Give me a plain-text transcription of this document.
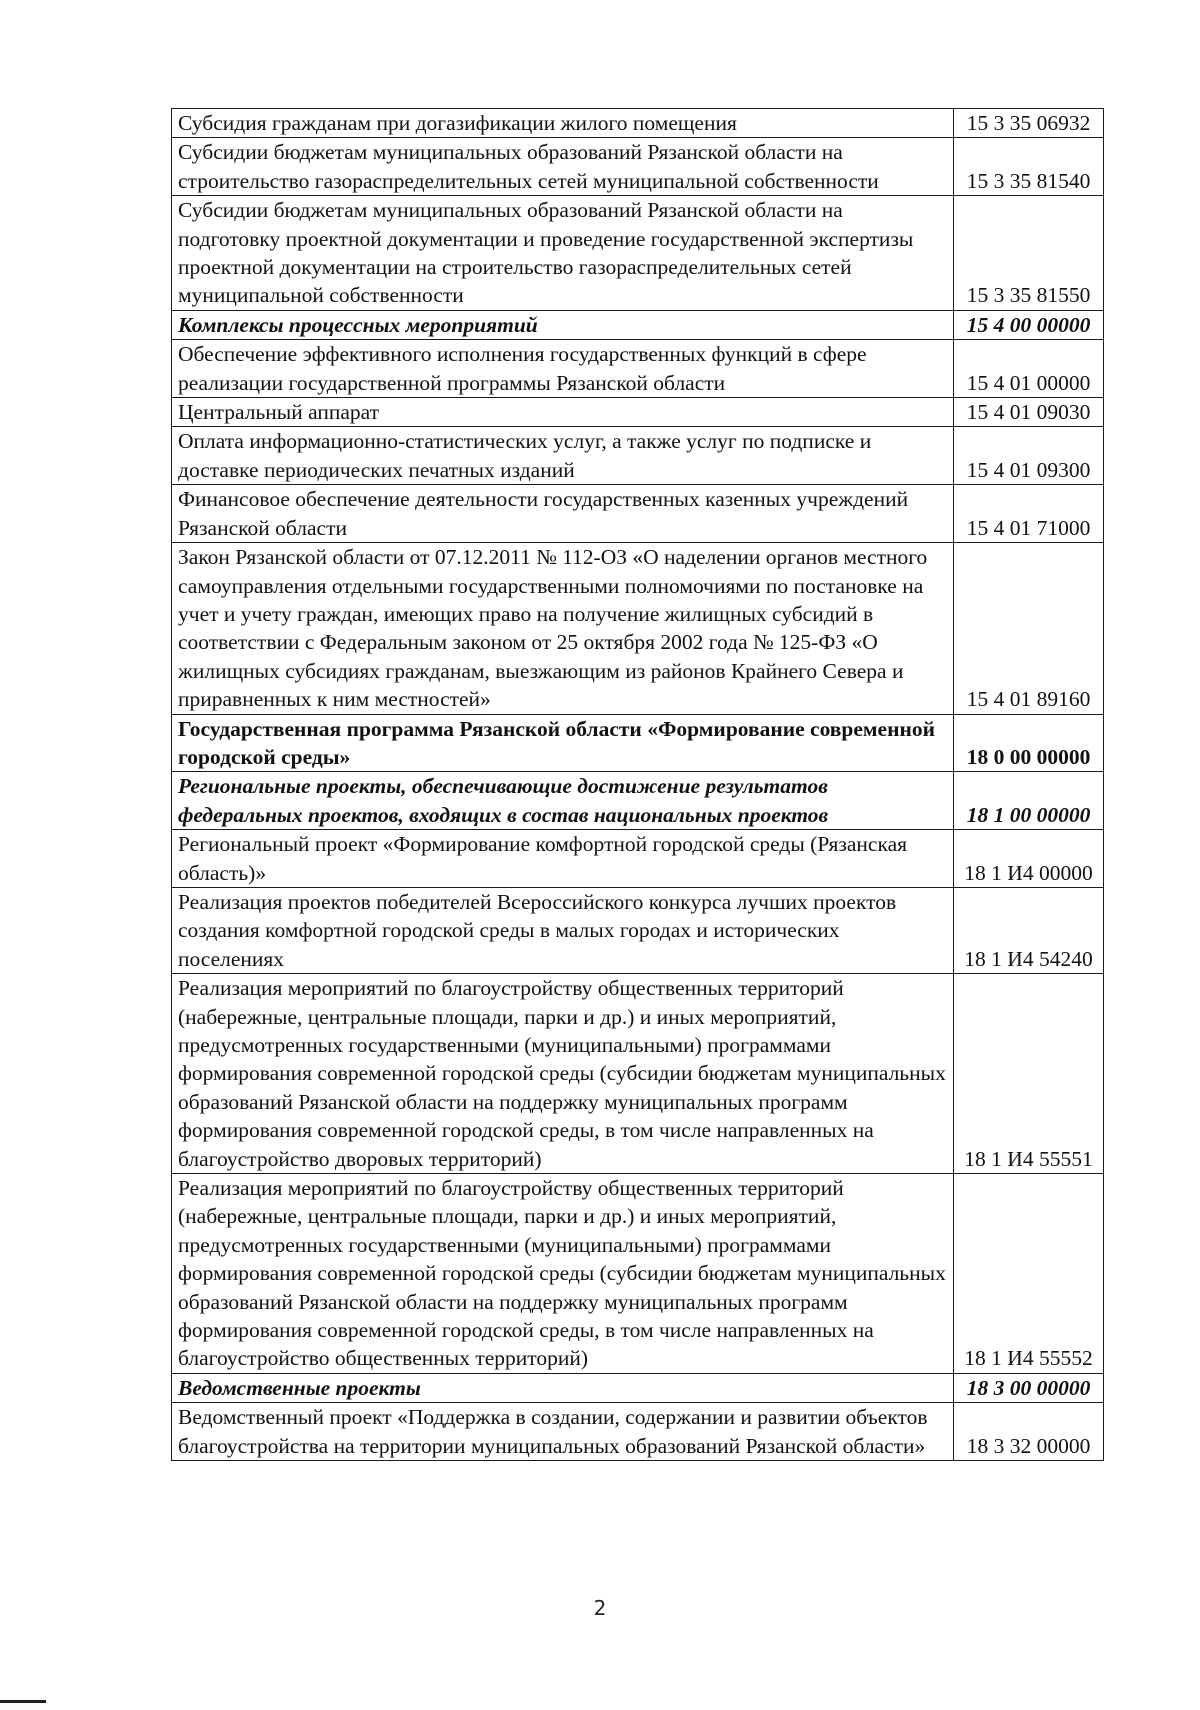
Субсидия гражданам при догазификации жилого помещения	15 3 35 06932
Субсидии бюджетам муниципальных образований Рязанской области на строительство газораспределительных сетей муниципальной собственности	15 3 35 81540
Субсидии бюджетам муниципальных образований Рязанской области на подготовку проектной документации и проведение государственной экспертизы проектной документации на строительство газораспределительных сетей муниципальной собственности	15 3 35 81550
Комплексы процессных мероприятий	15 4 00 00000
Обеспечение эффективного исполнения государственных функций в сфере реализации государственной программы Рязанской области	15 4 01 00000
Центральный аппарат	15 4 01 09030
Оплата информационно-статистических услуг, а также услуг по подписке и доставке периодических печатных изданий	15 4 01 09300
Финансовое обеспечение деятельности государственных казенных учреждений Рязанской области	15 4 01 71000
Закон Рязанской области от 07.12.2011 № 112-ОЗ «О наделении органов местного самоуправления отдельными государственными полномочиями по постановке на учет и учету граждан, имеющих право на получение жилищных субсидий в соответствии с Федеральным законом от 25 октября 2002 года № 125-ФЗ «О жилищных субсидиях гражданам, выезжающим из районов Крайнего Севера и приравненных к ним местностей»	15 4 01 89160
Государственная программа Рязанской области «Формирование современной городской среды»	18 0 00 00000
Региональные проекты, обеспечивающие достижение результатов федеральных проектов, входящих в состав национальных проектов	18 1 00 00000
Региональный проект «Формирование комфортной городской среды (Рязанская область)»	18 1 И4 00000
Реализация проектов победителей Всероссийского конкурса лучших проектов создания комфортной городской среды в малых городах и исторических поселениях	18 1 И4 54240
Реализация мероприятий по благоустройству общественных территорий (набережные, центральные площади, парки и др.) и иных мероприятий, предусмотренных государственными (муниципальными) программами формирования современной городской среды (субсидии бюджетам муниципальных образований Рязанской области на поддержку муниципальных программ формирования современной городской среды, в том числе направленных на благоустройство дворовых территорий)	18 1 И4 55551
Реализация мероприятий по благоустройству общественных территорий (набережные, центральные площади, парки и др.) и иных мероприятий, предусмотренных государственными (муниципальными) программами формирования современной городской среды (субсидии бюджетам муниципальных образований Рязанской области на поддержку муниципальных программ формирования современной городской среды, в том числе направленных на благоустройство общественных территорий)	18 1 И4 55552
Ведомственные проекты	18 3 00 00000
Ведомственный проект «Поддержка в создании, содержании и развитии объектов благоустройства на территории муниципальных образований Рязанской области»	18 3 32 00000
2
